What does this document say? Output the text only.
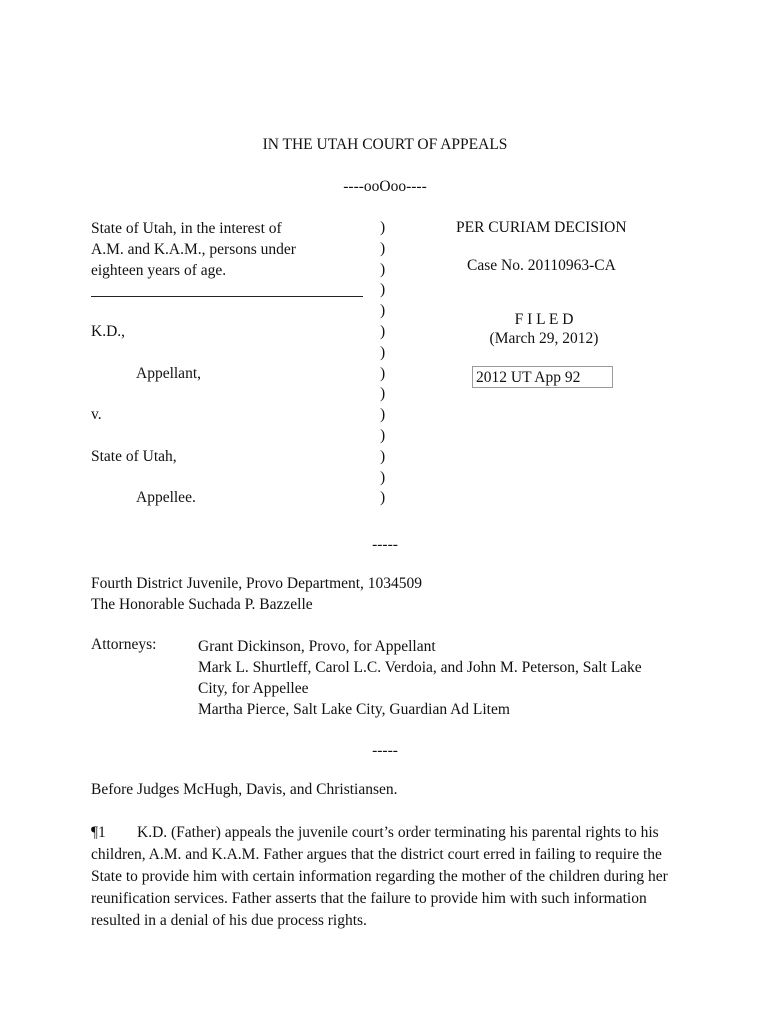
IN THE UTAH COURT OF APPEALS
----ooOoo----
State of Utah, in the interest of
A.M. and K.A.M., persons under
eighteen years of age.
K.D.,
Appellant,
v.
State of Utah,
Appellee.
)
)
)
)
)
)
)
)
)
)
)
)
)
)
PER CURIAM DECISION
Case No. 20110963-CA
F I L E D
(March 29, 2012)
2012 UT App 92
-----
Fourth District Juvenile, Provo Department, 1034509
The Honorable Suchada P. Bazzelle
Attorneys:	Grant Dickinson, Provo, for Appellant
Mark L. Shurtleff, Carol L.C. Verdoia, and John M. Peterson, Salt Lake
City, for Appellee
Martha Pierce, Salt Lake City, Guardian Ad Litem
-----
Before Judges McHugh, Davis, and Christiansen.
¶1 K.D. (Father) appeals the juvenile court’s order terminating his parental rights to his children, A.M. and K.A.M. Father argues that the district court erred in failing to require the State to provide him with certain information regarding the mother of the children during her reunification services. Father asserts that the failure to provide him with such information resulted in a denial of his due process rights.
